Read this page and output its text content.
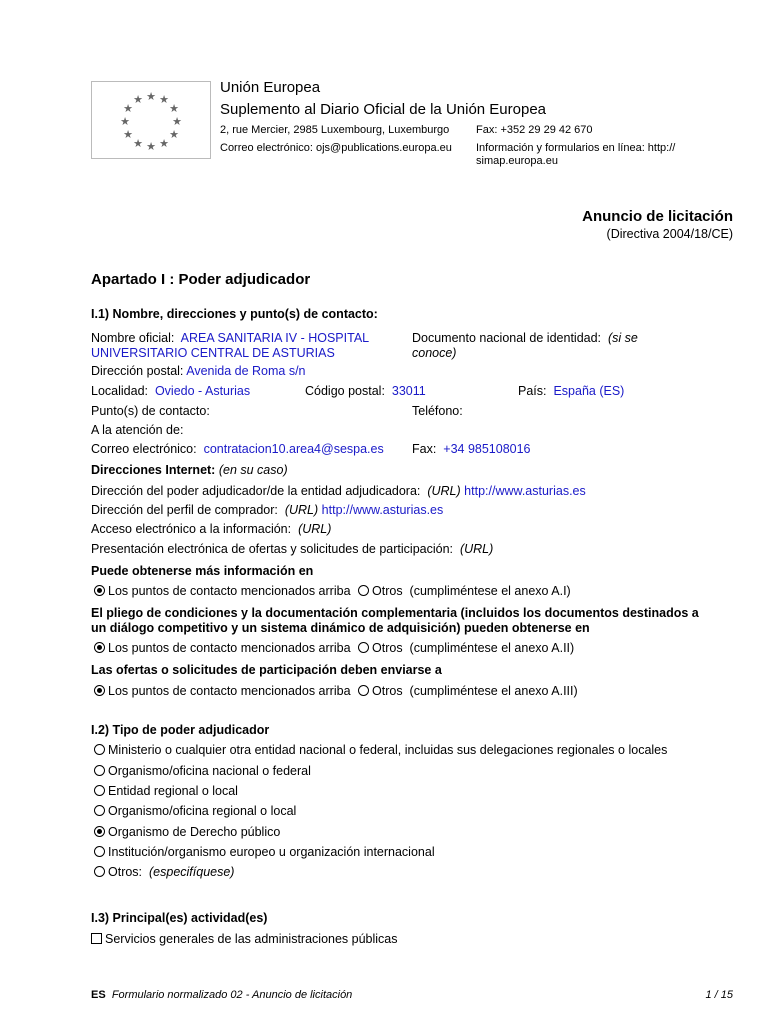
★ ★
★
★
★
★
★
★
★
★
★
★
Unión Europea
Suplemento al Diario Oficial de la Unión Europea
2, rue Mercier, 2985 Luxembourg, Luxemburgo Fax: +352 29 29 42 670
Correo electrónico: ojs@publications.europa.eu Información y formularios en línea: http://
simap.europa.eu
Anuncio de licitación
(Directiva 2004/18/CE)
Apartado I : Poder adjudicador
I.1) Nombre, direcciones y punto(s) de contacto:
Nombre oficial: AREA SANITARIA IV - HOSPITAL
UNIVERSITARIO CENTRAL DE ASTURIAS
Documento nacional de identidad: (si se
conoce)
Dirección postal: Avenida de Roma s/n
Localidad: Oviedo - Asturias	Código postal: 33011	País: España (ES)
Punto(s) de contacto:	Teléfono:
A la atención de:
Correo electrónico: contratacion10.area4@sespa.es Fax: +34 985108016
Direcciones Internet: (en su caso)
Dirección del poder adjudicador/de la entidad adjudicadora: (URL) http://www.asturias.es
Dirección del perfil de comprador: (URL) http://www.asturias.es
Acceso electrónico a la información: (URL)
Presentación electrónica de ofertas y solicitudes de participación: (URL)
Puede obtenerse más información en
Los puntos de contacto mencionados arriba Otros (cumpliméntese el anexo A.I)
El pliego de condiciones y la documentación complementaria (incluidos los documentos destinados a
un diálogo competitivo y un sistema dinámico de adquisición) pueden obtenerse en
Los puntos de contacto mencionados arriba Otros (cumpliméntese el anexo A.II)
Las ofertas o solicitudes de participación deben enviarse a
Los puntos de contacto mencionados arriba Otros (cumpliméntese el anexo A.III)
I.2) Tipo de poder adjudicador
Ministerio o cualquier otra entidad nacional o federal, incluidas sus delegaciones regionales o locales
Organismo/oficina nacional o federal
Entidad regional o local
Organismo/oficina regional o local
Organismo de Derecho público
Institución/organismo europeo u organización internacional
Otros: (especifíquese)
I.3) Principal(es) actividad(es)
Servicios generales de las administraciones públicas
ES Formulario normalizado 02 - Anuncio de licitación	1 / 15
